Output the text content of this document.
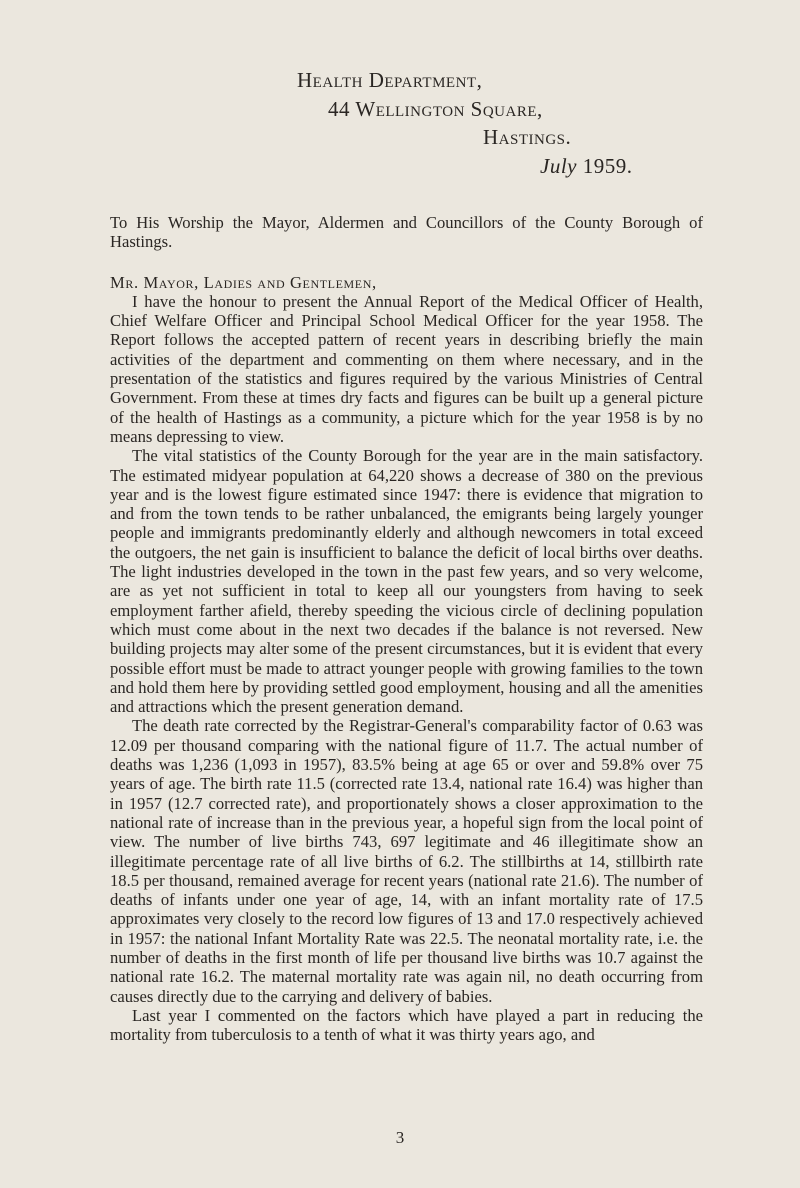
Health Department,
44 Wellington Square,
Hastings.
July 1959.

To His Worship the Mayor, Aldermen and Councillors of the County Borough of Hastings.

Mr. Mayor, Ladies and Gentlemen,

I have the honour to present the Annual Report of the Medical Officer of Health, Chief Welfare Officer and Principal School Medical Officer for the year 1958. The Report follows the accepted pattern of recent years in describing briefly the main activities of the department and commenting on them where necessary, and in the presentation of the statistics and figures required by the various Ministries of Central Government. From these at times dry facts and figures can be built up a general picture of the health of Hastings as a community, a picture which for the year 1958 is by no means depressing to view.

The vital statistics of the County Borough for the year are in the main satisfactory. The estimated midyear population at 64,220 shows a decrease of 380 on the previous year and is the lowest figure estimated since 1947: there is evidence that migration to and from the town tends to be rather unbalanced, the emigrants being largely younger people and immigrants predominantly elderly and although newcomers in total exceed the outgoers, the net gain is insufficient to balance the deficit of local births over deaths. The light industries developed in the town in the past few years, and so very welcome, are as yet not sufficient in total to keep all our youngsters from having to seek employment farther afield, thereby speeding the vicious circle of declining population which must come about in the next two decades if the balance is not reversed. New building projects may alter some of the present circumstances, but it is evident that every possible effort must be made to attract younger people with growing families to the town and hold them here by providing settled good employment, housing and all the amenities and attractions which the present generation demand.

The death rate corrected by the Registrar-General's comparability factor of 0.63 was 12.09 per thousand comparing with the national figure of 11.7. The actual number of deaths was 1,236 (1,093 in 1957), 83.5% being at age 65 or over and 59.8% over 75 years of age. The birth rate 11.5 (corrected rate 13.4, national rate 16.4) was higher than in 1957 (12.7 corrected rate), and proportionately shows a closer approximation to the national rate of increase than in the previous year, a hopeful sign from the local point of view. The number of live births 743, 697 legitimate and 46 illegitimate show an illegitimate percentage rate of all live births of 6.2. The stillbirths at 14, stillbirth rate 18.5 per thousand, remained average for recent years (national rate 21.6). The number of deaths of infants under one year of age, 14, with an infant mortality rate of 17.5 approximates very closely to the record low figures of 13 and 17.0 respectively achieved in 1957: the national Infant Mortality Rate was 22.5. The neonatal mortality rate, i.e. the number of deaths in the first month of life per thousand live births was 10.7 against the national rate 16.2. The maternal mortality rate was again nil, no death occurring from causes directly due to the carrying and delivery of babies.

Last year I commented on the factors which have played a part in reducing the mortality from tuberculosis to a tenth of what it was thirty years ago, and

3
